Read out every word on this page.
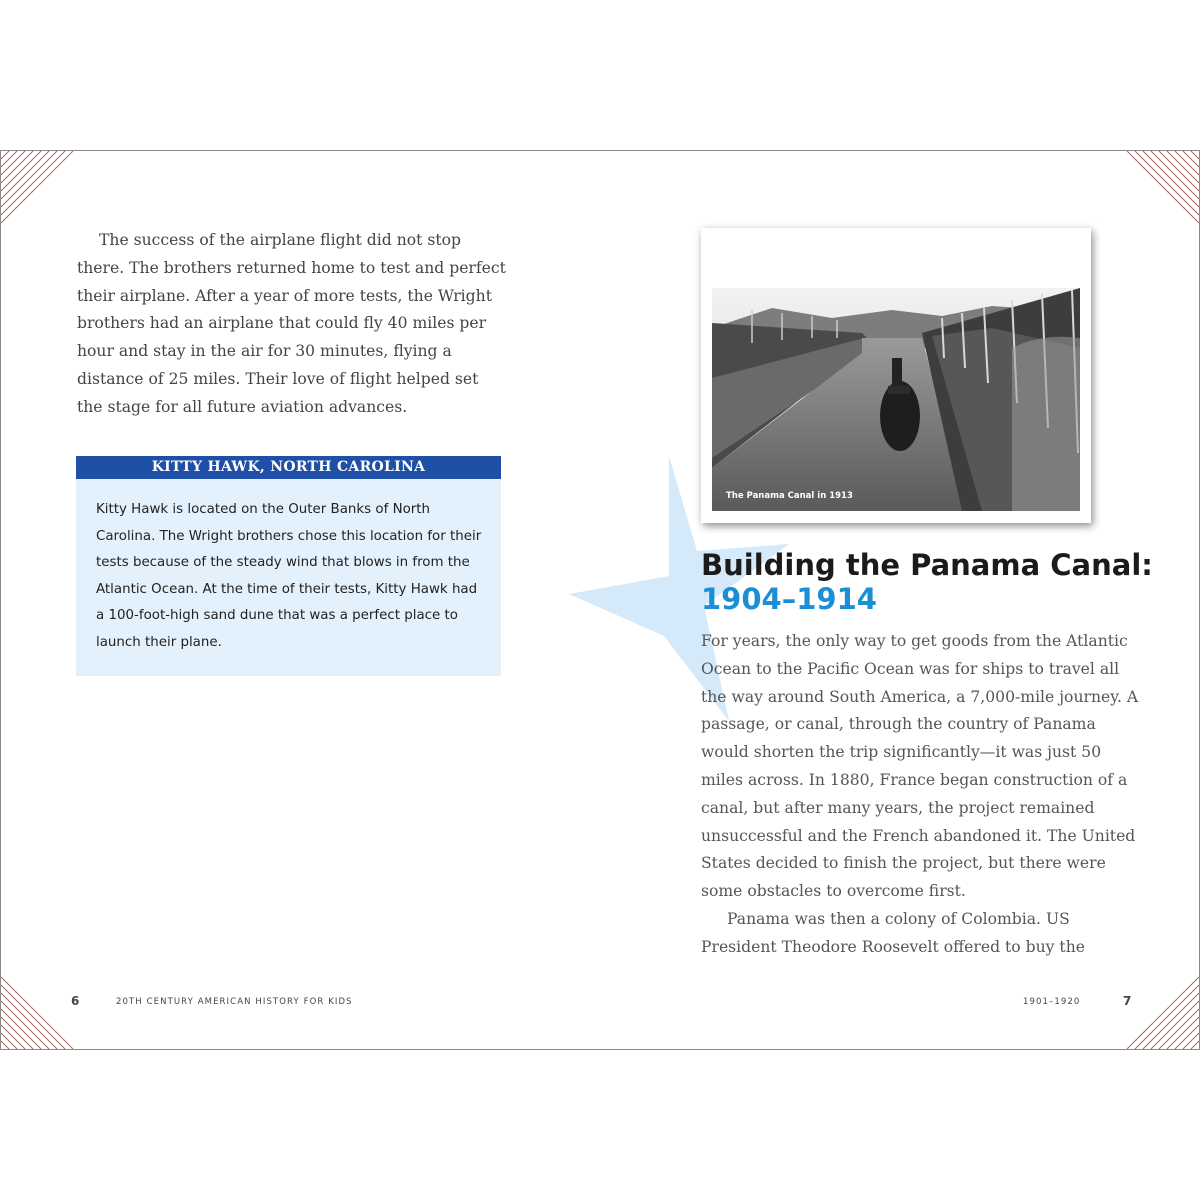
The success of the airplane flight did not stop there. The brothers returned home to test and perfect their airplane. After a year of more tests, the Wright brothers had an airplane that could fly 40 miles per hour and stay in the air for 30 minutes, flying a distance of 25 miles. Their love of flight helped set the stage for all future aviation advances.

KITTY HAWK, NORTH CAROLINA

Kitty Hawk is located on the Outer Banks of North Carolina. The Wright brothers chose this location for their tests because of the steady wind that blows in from the Atlantic Ocean. At the time of their tests, Kitty Hawk had a 100-foot-high sand dune that was a perfect place to launch their plane.

The Panama Canal in 1913
Building the Panama Canal: 1904–1914

For years, the only way to get goods from the Atlantic Ocean to the Pacific Ocean was for ships to travel all the way around South America, a 7,000-mile journey. A passage, or canal, through the country of Panama would shorten the trip significantly—it was just 50 miles across. In 1880, France began construction of a canal, but after many years, the project remained unsuccessful and the French abandoned it. The United States decided to finish the project, but there were some obstacles to overcome first.

Panama was then a colony of Colombia. US President Theodore Roosevelt offered to buy the

6	20TH CENTURY AMERICAN HISTORY FOR KIDS	1901–1920	7
